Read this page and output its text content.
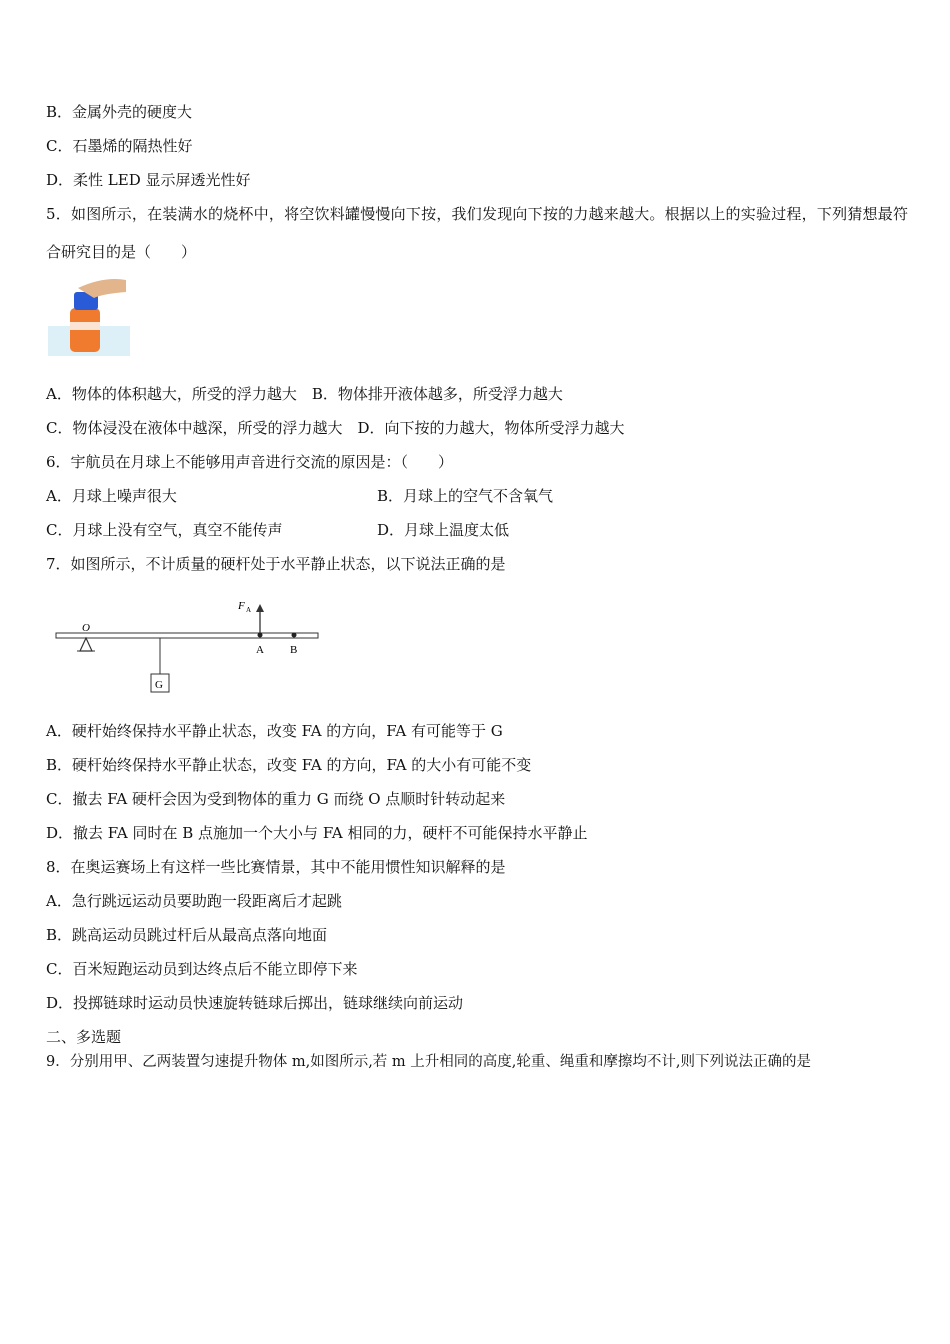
B．金属外壳的硬度大
C．石墨烯的隔热性好
D．柔性 LED 显示屏透光性好
5．如图所示，在装满水的烧杯中，将空饮料罐慢慢向下按，我们发现向下按的力越来越大。根据以上的实验过程，下列猜想最符合研究目的是（　　）
A．物体的体积越大，所受的浮力越大　B．物体排开液体越多，所受浮力越大
C．物体浸没在液体中越深，所受的浮力越大　D．向下按的力越大，物体所受浮力越大
6．宇航员在月球上不能够用声音进行交流的原因是：（　　）
A．月球上噪声很大	B．月球上的空气不含氧气
C．月球上没有空气，真空不能传声	D．月球上温度太低
7．如图所示，不计质量的硬杆处于水平静止状态，以下说法正确的是
O
G
F A
A B
A．硬杆始终保持水平静止状态，改变 FA 的方向，FA 有可能等于 G
B．硬杆始终保持水平静止状态，改变 FA 的方向，FA 的大小有可能不变
C．撤去 FA 硬杆会因为受到物体的重力 G 而绕 O 点顺时针转动起来
D．撤去 FA 同时在 B 点施加一个大小与 FA 相同的力，硬杆不可能保持水平静止
8．在奥运赛场上有这样一些比赛情景，其中不能用惯性知识解释的是
A．急行跳远运动员要助跑一段距离后才起跳
B．跳高运动员跳过杆后从最高点落向地面
C．百米短跑运动员到达终点后不能立即停下来
D．投掷链球时运动员快速旋转链球后掷出，链球继续向前运动
二、多选题
9．分别用甲、乙两装置匀速提升物体 m,如图所示,若 m 上升相同的高度,轮重、绳重和摩擦均不计,则下列说法正确的是
